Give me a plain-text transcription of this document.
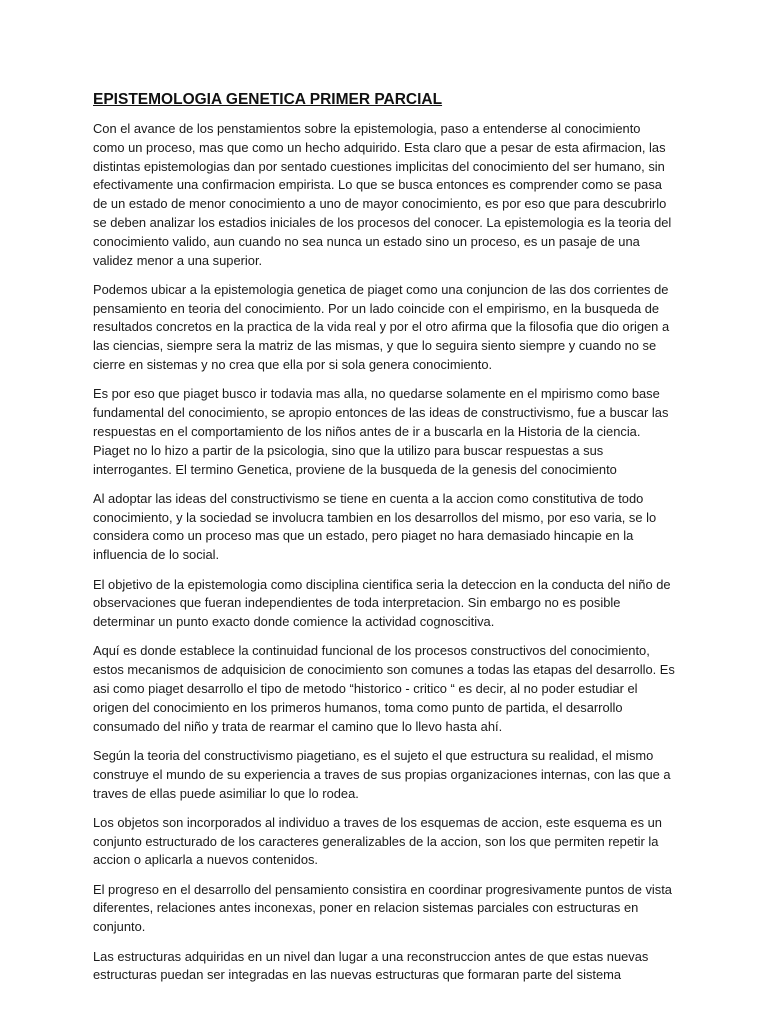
EPISTEMOLOGIA GENETICA PRIMER PARCIAL

Con el avance de los penstamientos sobre la epistemologia, paso a entenderse al conocimiento como un proceso, mas que como un hecho adquirido. Esta claro que a pesar de esta afirmacion, las distintas epistemologias dan por sentado cuestiones implicitas del conocimiento del ser humano, sin efectivamente una confirmacion empirista. Lo que se busca entonces es comprender como se pasa de un estado de menor conocimiento a uno de mayor conocimiento, es por eso que para descubrirlo se deben analizar los estadios iniciales de los procesos del conocer. La epistemologia es la teoria del conocimiento valido, aun cuando no sea nunca un estado sino un proceso, es un pasaje de una validez menor a una superior.

Podemos ubicar a la epistemologia genetica de piaget como una conjuncion de las dos corrientes de pensamiento en teoria del conocimiento. Por un lado coincide con el empirismo, en la busqueda de resultados concretos en la practica de la vida real y por el otro afirma que la filosofia que dio origen a las ciencias, siempre sera la matriz de las mismas, y que lo seguira siento siempre y cuando no se cierre en sistemas y no crea que ella por si sola genera conocimiento.

Es por eso que piaget busco ir todavia mas alla, no quedarse solamente en el mpirismo como base fundamental del conocimiento, se apropio entonces de las ideas de constructivismo, fue a buscar las respuestas en el comportamiento de los niños antes de ir a buscarla en la Historia de la ciencia. Piaget no lo hizo a partir de la psicologia, sino que la utilizo para buscar respuestas a sus interrogantes. El termino Genetica, proviene de la busqueda de la genesis del conocimiento

Al adoptar las ideas del constructivismo se tiene en cuenta a la accion como constitutiva de todo conocimiento, y la sociedad se involucra tambien en los desarrollos del mismo, por eso varia, se lo considera como un proceso mas que un estado, pero piaget no hara demasiado hincapie en la influencia de lo social.

El objetivo de la epistemologia como disciplina cientifica seria la deteccion en la conducta del niño de observaciones que fueran independientes de toda interpretacion. Sin embargo no es posible determinar un punto exacto donde comience la actividad cognoscitiva.

Aquí es donde establece la continuidad funcional de los procesos constructivos del conocimiento, estos mecanismos de adquisicion de conocimiento son comunes a todas las etapas del desarrollo. Es asi como piaget desarrollo el tipo de metodo “historico - critico “ es decir, al no poder estudiar el origen del conocimiento en los primeros humanos, toma como punto de partida, el desarrollo consumado del niño y trata de rearmar el camino que lo llevo hasta ahí.

Según la teoria del constructivismo piagetiano, es el sujeto el que estructura su realidad, el mismo construye el mundo de su experiencia a traves de sus propias organizaciones internas, con las que a traves de ellas puede asimiliar lo que lo rodea.

Los objetos son incorporados al individuo a traves de los esquemas de accion, este esquema es un conjunto estructurado de los caracteres generalizables de la accion, son los que permiten repetir la accion o aplicarla a nuevos contenidos.

El progreso en el desarrollo del pensamiento consistira en coordinar progresivamente puntos de vista diferentes, relaciones antes inconexas, poner en relacion sistemas parciales con estructuras en conjunto.

Las estructuras adquiridas en un nivel dan lugar a una reconstruccion antes de que estas nuevas estructuras puedan ser integradas en las nuevas estructuras que formaran parte del sistema
